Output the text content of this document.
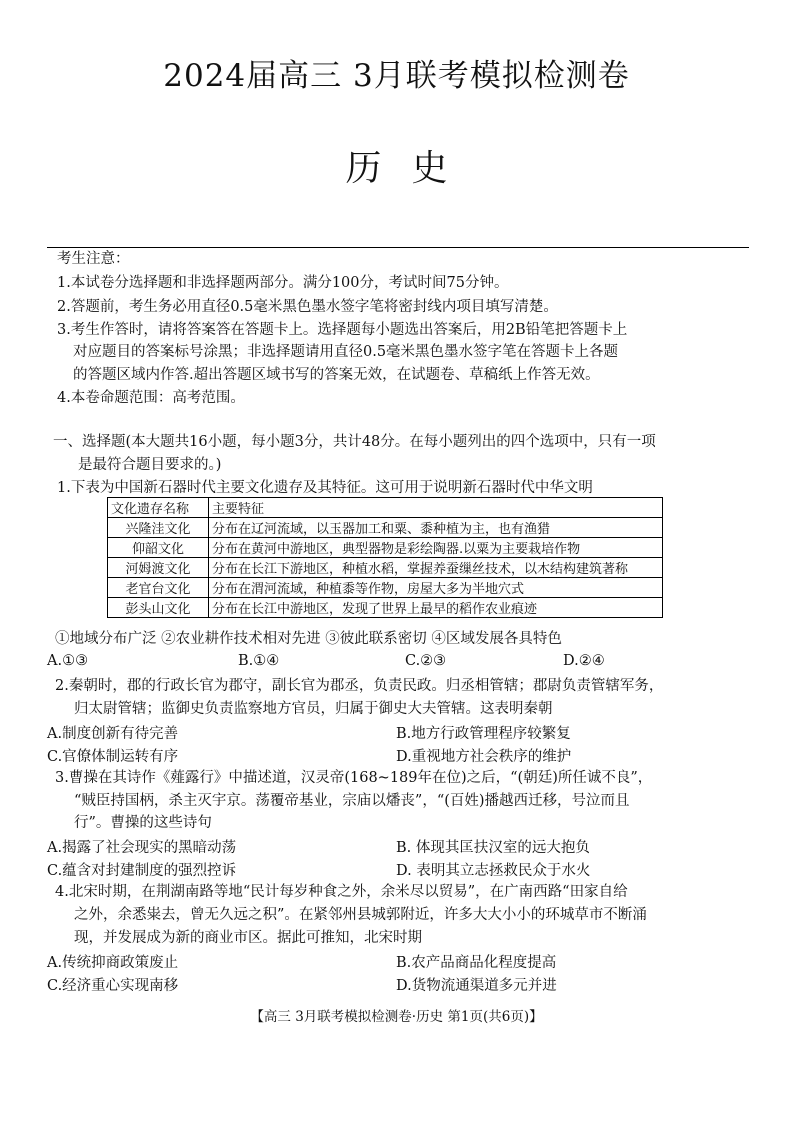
2024届高三 3月联考模拟检测卷
历史
考生注意：
1.本试卷分选择题和非选择题两部分。满分100分，考试时间75分钟。
2.答题前，考生务必用直径0.5毫米黑色墨水签字笔将密封线内项目填写清楚。
3.考生作答时，请将答案答在答题卡上。选择题每小题选出答案后，用2B铅笔把答题卡上
对应题目的答案标号涂黑；非选择题请用直径0.5毫米黑色墨水签字笔在答题卡上各题
的答题区域内作答.超出答题区域书写的答案无效，在试题卷、草稿纸上作答无效。
4.本卷命题范围：高考范围。
一、选择题(本大题共16小题，每小题3分，共计48分。在每小题列出的四个选项中，只有一项
是最符合题目要求的。)
1.下表为中国新石器时代主要文化遗存及其特征。这可用于说明新石器时代中华文明
文化遗存名称	主要特征
兴隆洼文化	分布在辽河流域，以玉器加工和粟、黍种植为主，也有渔猎
仰韶文化	分布在黄河中游地区，典型器物是彩绘陶器.以粟为主要栽培作物
河姆渡文化	分布在长江下游地区，种植水稻，掌握养蚕缫丝技术，以木结构建筑著称
老官台文化	分布在渭河流域，种植黍等作物，房屋大多为半地穴式
彭头山文化	分布在长江中游地区，发现了世界上最早的稻作农业痕迹
①地域分布广泛 ②农业耕作技术相对先进 ③彼此联系密切 ④区域发展各具特色
A.①③	B.①④	C.②③	D.②④
2.秦朝时，郡的行政长官为郡守，副长官为郡丞，负责民政。归丞相管辖；郡尉负责管辖军务，
归太尉管辖；监御史负责监察地方官员，归属于御史大夫管辖。这表明秦朝
A.制度创新有待完善	B.地方行政管理程序较繁复
C.官僚体制运转有序	D.重视地方社会秩序的维护
3.曹操在其诗作《薤露行》中描述道，汉灵帝(168~189年在位)之后，“(朝廷)所任诚不良”，
“贼臣持国柄，杀主灭宇京。荡覆帝基业，宗庙以燔丧”，“(百姓)播越西迁移，号泣而且
行”。曹操的这些诗句
A.揭露了社会现实的黑暗动荡	B. 体现其匡扶汉室的远大抱负
C.蕴含对封建制度的强烈控诉	D. 表明其立志拯救民众于水火
4.北宋时期，在荆湖南路等地“民计每岁种食之外，余米尽以贸易”，在广南西路“田家自给
之外，余悉粜去，曾无久远之积”。在紧邻州县城郭附近，许多大大小小的环城草市不断涌
现，并发展成为新的商业市区。据此可推知，北宋时期
A.传统抑商政策废止	B.农产品商品化程度提高
C.经济重心实现南移	D.货物流通渠道多元并进
【高三 3月联考模拟检测卷·历史 第1页(共6页)】
